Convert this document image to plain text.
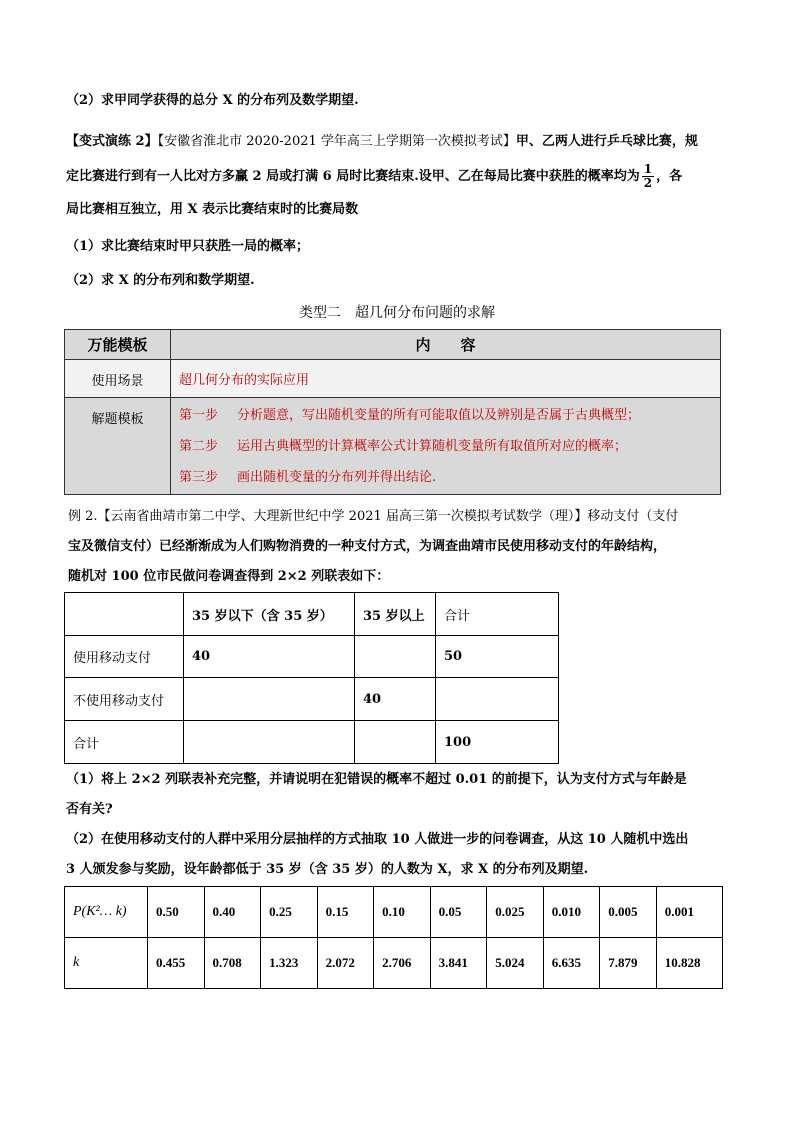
（2）求甲同学获得的总分 X 的分布列及数学期望.
【变式演练 2】【安徽省淮北市 2020-2021 学年高三上学期第一次模拟考试】甲、乙两人进行乒乓球比赛，规
定比赛进行到有一人比对方多赢 2 局或打满 6 局时比赛结束.设甲、乙在每局比赛中获胜的概率均为 $\frac{1}{2}$ ，各
局比赛相互独立，用 X 表示比赛结束时的比赛局数
（1）求比赛结束时甲只获胜一局的概率；
（2）求 X 的分布列和数学期望.
类型二　超几何分布问题的求解
万能模板	内　　容
使用场景	超几何分布的实际应用
解题模板	第一步 分析题意，写出随机变量的所有可能取值以及辨别是否属于古典概型；
第二步 运用古典概型的计算概率公式计算随机变量所有取值所对应的概率；
第三步 画出随机变量的分布列并得出结论.
例 2.【云南省曲靖市第二中学、大理新世纪中学 2021 届高三第一次模拟考试数学（理）】移动支付（支付
宝及微信支付）已经渐渐成为人们购物消费的一种支付方式，为调查曲靖市民使用移动支付的年龄结构，
随机对 100 位市民做问卷调查得到 2×2 列联表如下：
	35 岁以下（含 35 岁）	35 岁以上	合计
使用移动支付	40		50
不使用移动支付		40	
合计			100
（1）将上 2×2 列联表补充完整，并请说明在犯错误的概率不超过 0.01 的前提下，认为支付方式与年龄是
否有关?
（2）在使用移动支付的人群中采用分层抽样的方式抽取 10 人做进一步的问卷调查，从这 10 人随机中选出
3 人颁发参与奖励，设年龄都低于 35 岁（含 35 岁）的人数为 X，求 X 的分布列及期望.
P(K²… k)	0.50	0.40	0.25	0.15	0.10	0.05	0.025	0.010	0.005	0.001
k	0.455	0.708	1.323	2.072	2.706	3.841	5.024	6.635	7.879	10.828
